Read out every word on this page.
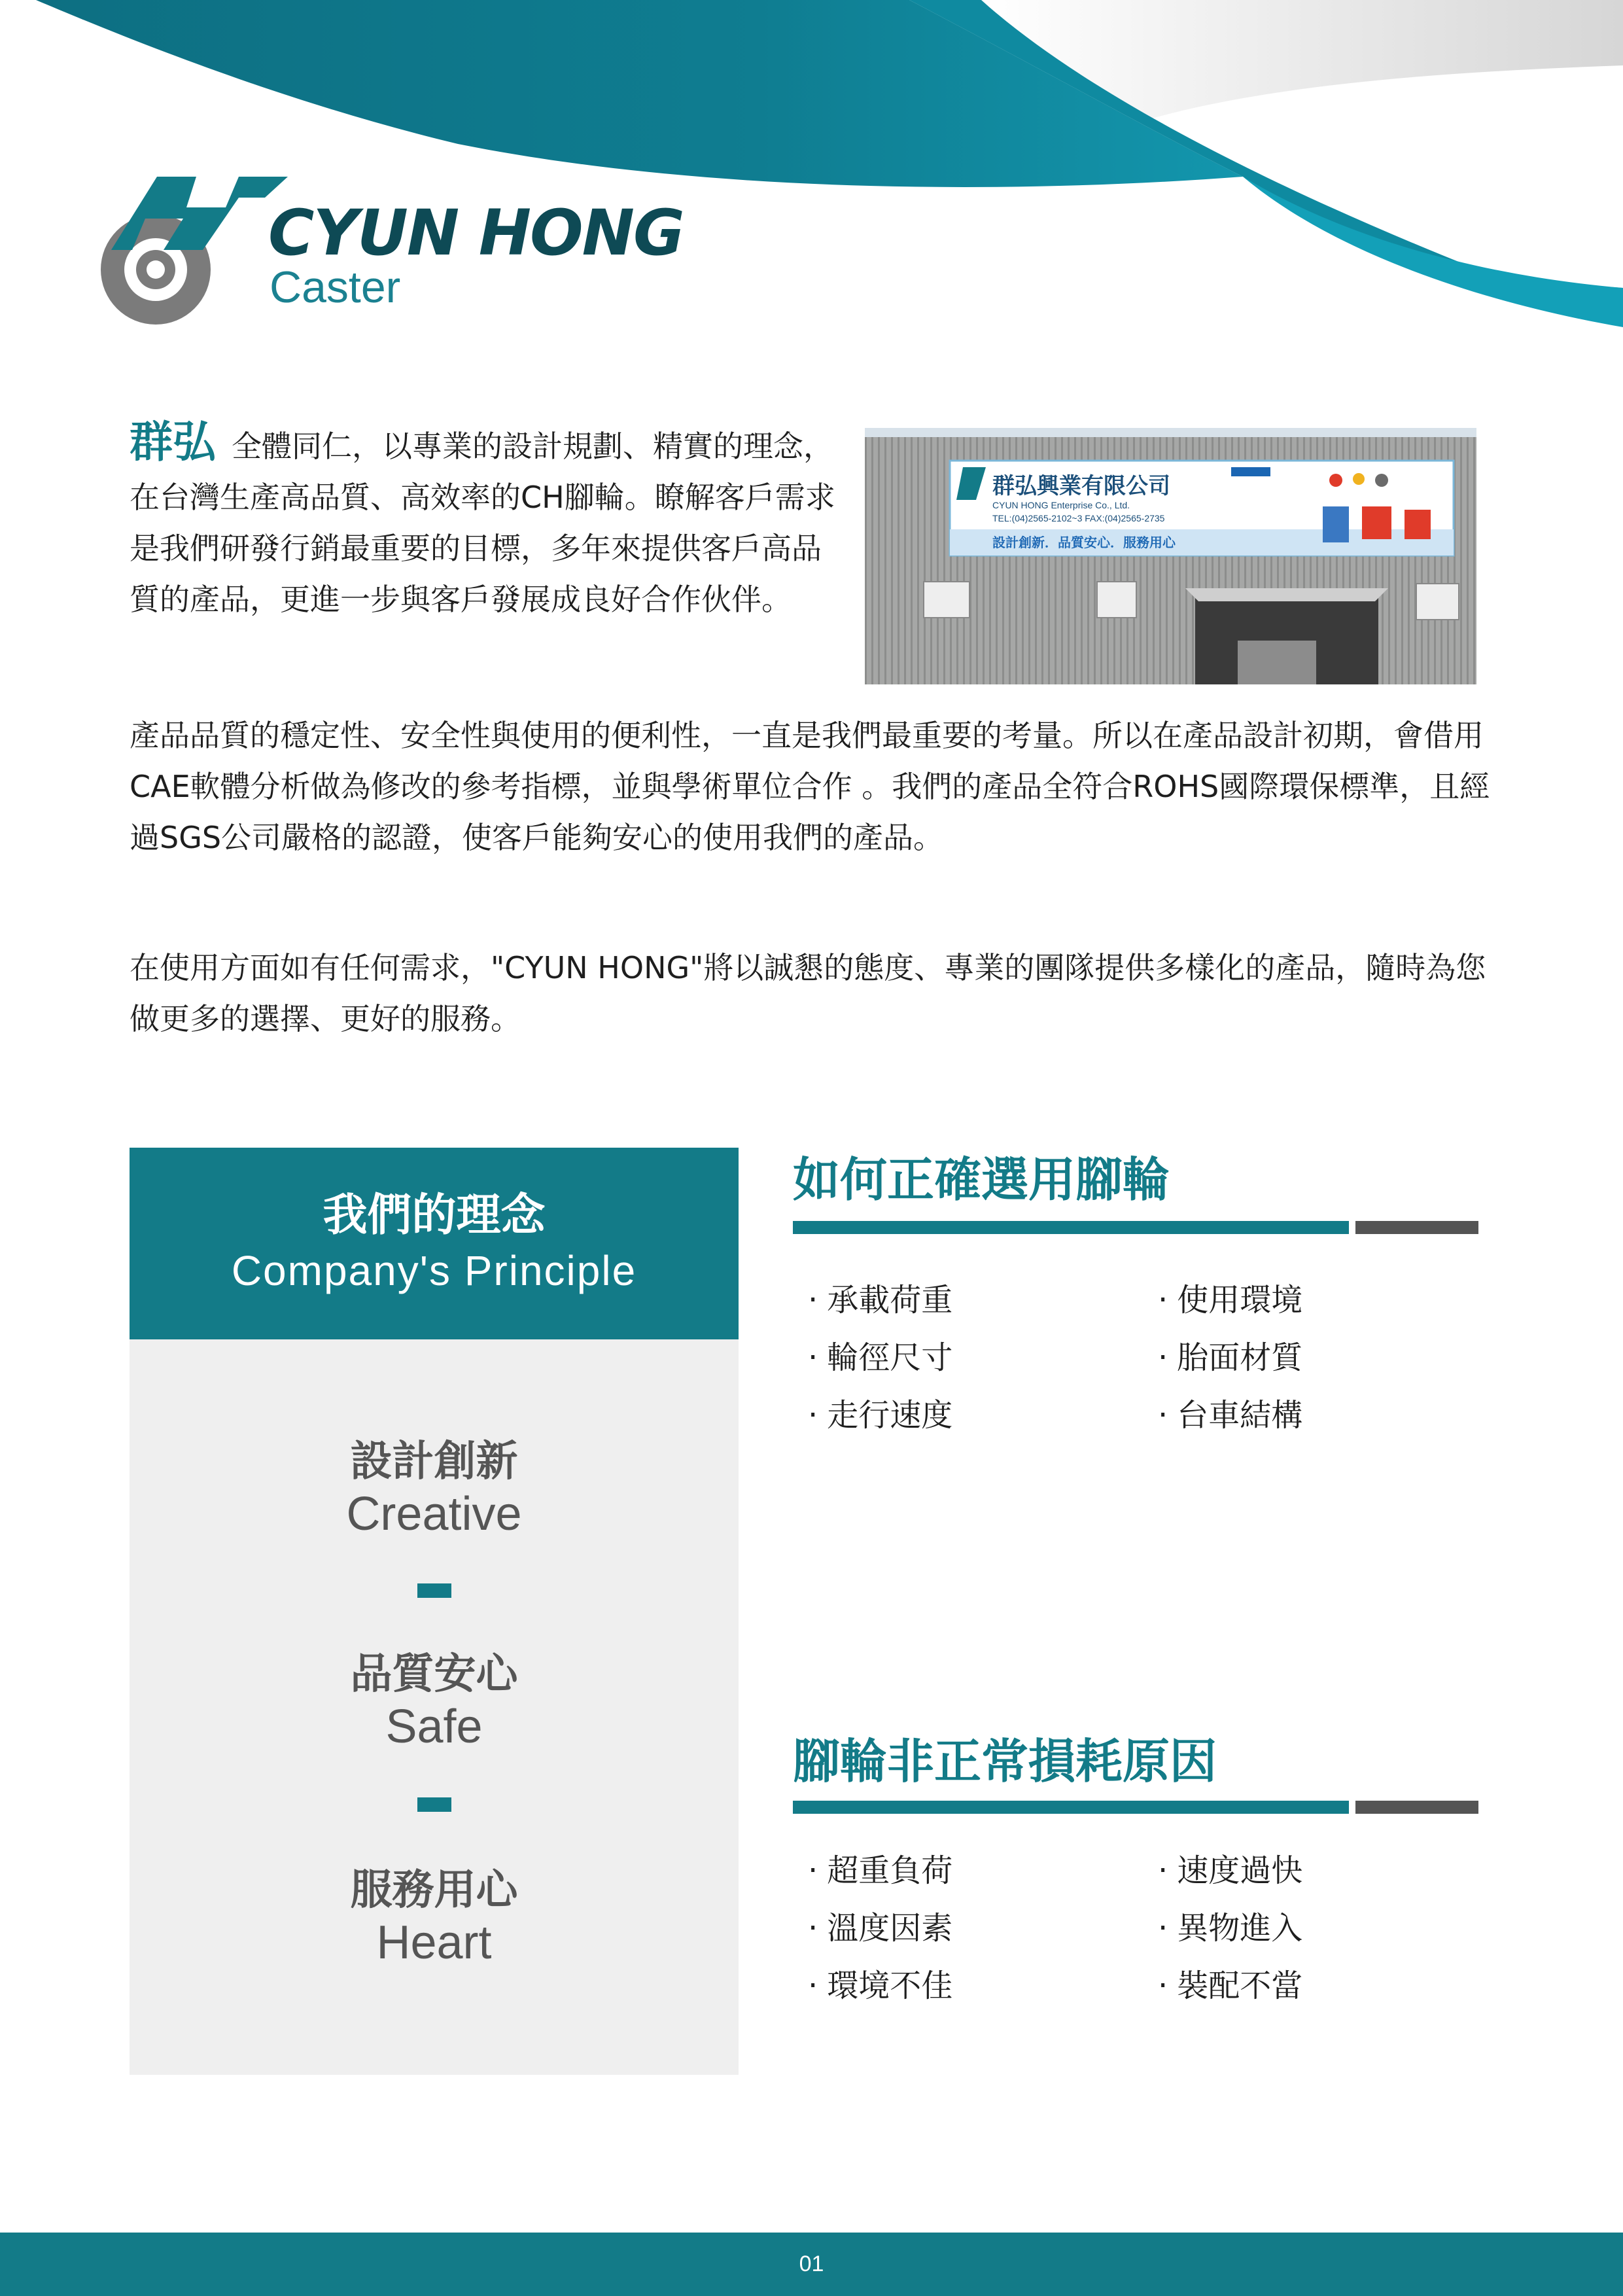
CYUN HONG
Caster
群弘 全體同仁，以專業的設計規劃、精實的理念，在台灣生產高品質、高效率的CH腳輪。瞭解客戶需求是我們研發行銷最重要的目標，多年來提供客戶高品質的產品，更進一步與客戶發展成良好合作伙伴。
群弘興業有限公司
CYUN HONG Enterprise Co., Ltd.
TEL:(04)2565-2102~3 FAX:(04)2565-2735
設計創新．品質安心．服務用心
產品品質的穩定性、安全性與使用的便利性，一直是我們最重要的考量。所以在產品設計初期，會借用CAE軟體分析做為修改的參考指標，並與學術單位合作 。我們的產品全符合ROHS國際環保標準，且經過SGS公司嚴格的認證，使客戶能夠安心的使用我們的產品。
在使用方面如有任何需求，"CYUN HONG"將以誠懇的態度、專業的團隊提供多樣化的產品，隨時為您做更多的選擇、更好的服務。
我們的理念
Company's Principle
設計創新
Creative
品質安心
Safe
服務用心
Heart
如何正確選用腳輪
· 承載荷重
· 輪徑尺寸
· 走行速度
· 使用環境
· 胎面材質
· 台車結構
腳輪非正常損耗原因
· 超重負荷
· 溫度因素
· 環境不佳
· 速度過快
· 異物進入
· 裝配不當
01
